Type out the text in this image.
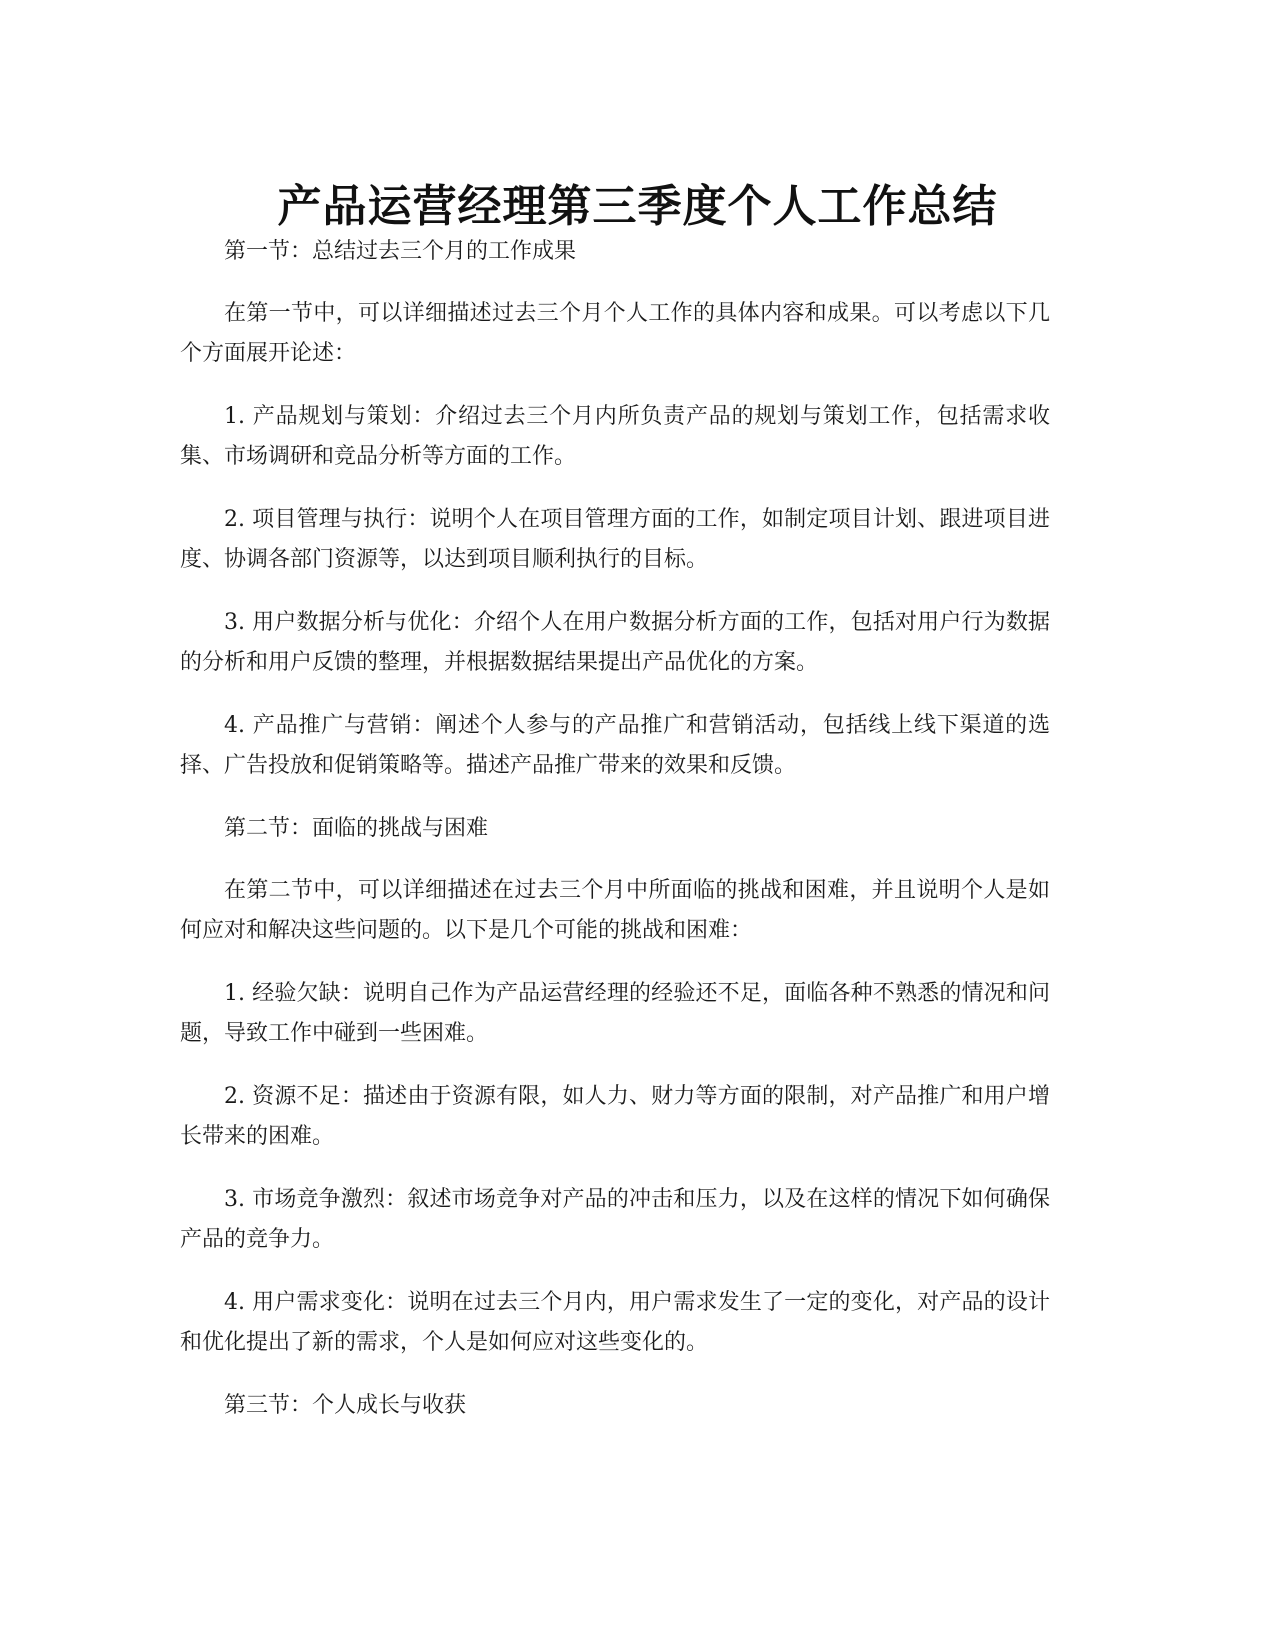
产品运营经理第三季度个人工作总结

第一节：总结过去三个月的工作成果

在第一节中，可以详细描述过去三个月个人工作的具体内容和成果。可以考虑以下几个方面展开论述：

1. 产品规划与策划：介绍过去三个月内所负责产品的规划与策划工作，包括需求收集、市场调研和竞品分析等方面的工作。

2. 项目管理与执行：说明个人在项目管理方面的工作，如制定项目计划、跟进项目进度、协调各部门资源等，以达到项目顺利执行的目标。

3. 用户数据分析与优化：介绍个人在用户数据分析方面的工作，包括对用户行为数据的分析和用户反馈的整理，并根据数据结果提出产品优化的方案。

4. 产品推广与营销：阐述个人参与的产品推广和营销活动，包括线上线下渠道的选择、广告投放和促销策略等。描述产品推广带来的效果和反馈。

第二节：面临的挑战与困难

在第二节中，可以详细描述在过去三个月中所面临的挑战和困难，并且说明个人是如何应对和解决这些问题的。以下是几个可能的挑战和困难：

1. 经验欠缺：说明自己作为产品运营经理的经验还不足，面临各种不熟悉的情况和问题，导致工作中碰到一些困难。

2. 资源不足：描述由于资源有限，如人力、财力等方面的限制，对产品推广和用户增长带来的困难。

3. 市场竞争激烈：叙述市场竞争对产品的冲击和压力，以及在这样的情况下如何确保产品的竞争力。

4. 用户需求变化：说明在过去三个月内，用户需求发生了一定的变化，对产品的设计和优化提出了新的需求，个人是如何应对这些变化的。

第三节：个人成长与收获
